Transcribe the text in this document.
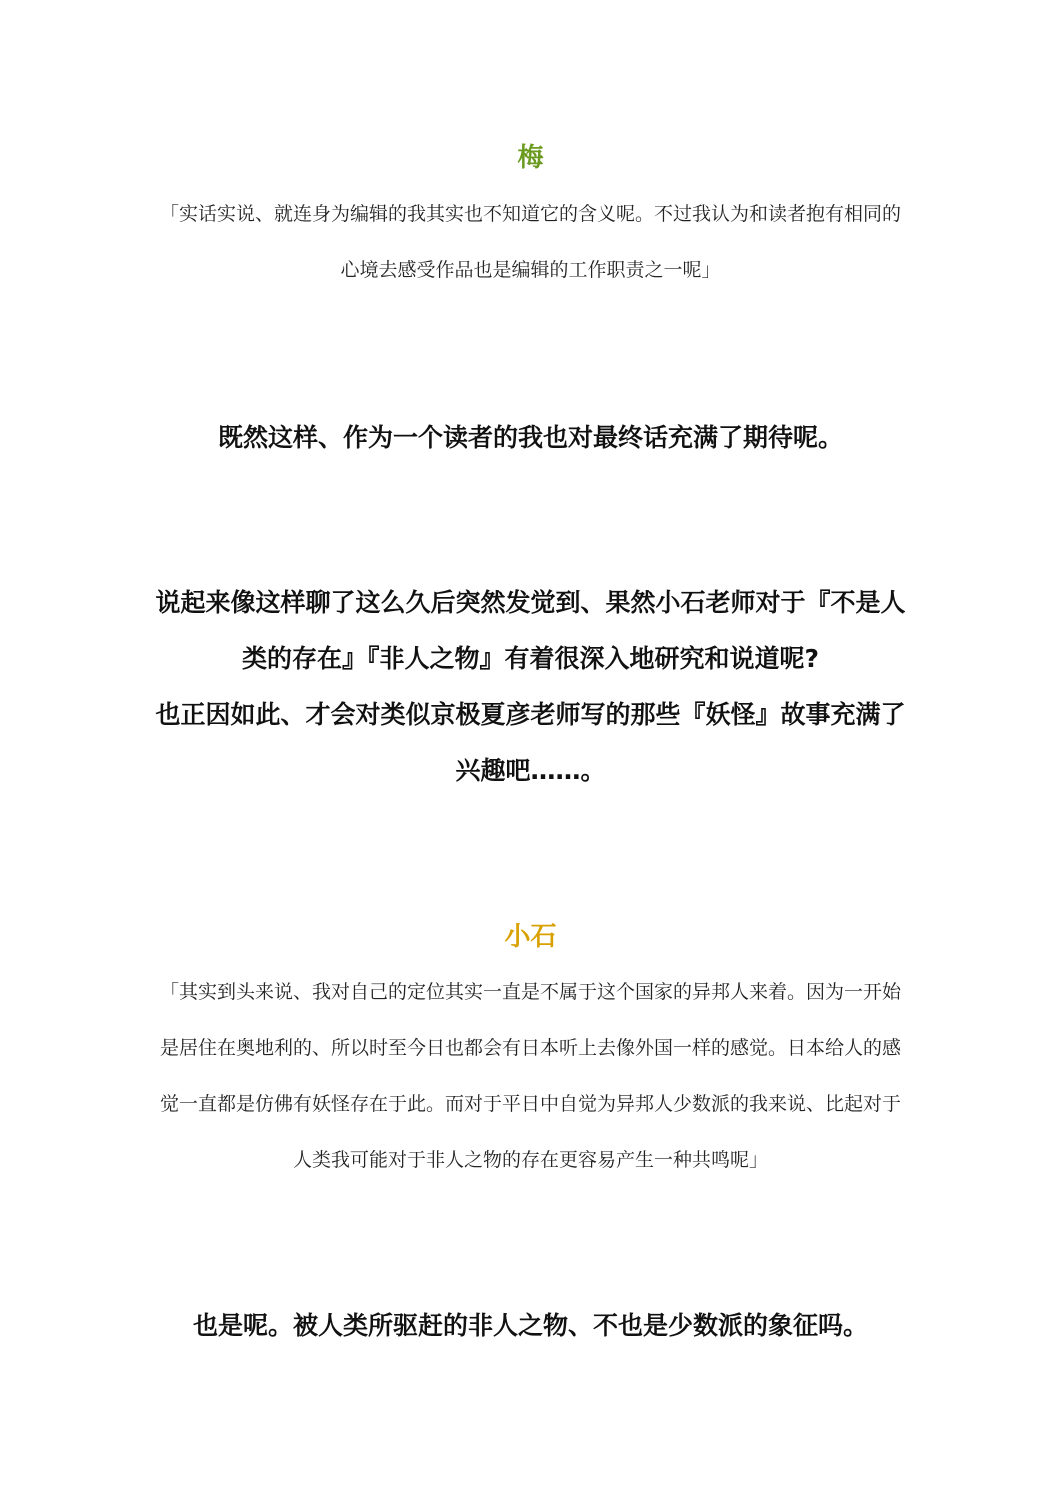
梅
「实话实说、就连身为编辑的我其实也不知道它的含义呢。不过我认为和读者抱有相同的心境去感受作品也是编辑的工作职责之一呢」
既然这样、作为一个读者的我也对最终话充满了期待呢。
说起来像这样聊了这么久后突然发觉到、果然小石老师对于『不是人类的存在』『非人之物』有着很深入地研究和说道呢?
也正因如此、才会对类似京极夏彦老师写的那些『妖怪』故事充满了兴趣吧……。
小石
「其实到头来说、我对自己的定位其实一直是不属于这个国家的异邦人来着。因为一开始是居住在奥地利的、所以时至今日也都会有日本听上去像外国一样的感觉。日本给人的感觉一直都是仿佛有妖怪存在于此。而对于平日中自觉为异邦人少数派的我来说、比起对于人类我可能对于非人之物的存在更容易产生一种共鸣呢」
也是呢。被人类所驱赶的非人之物、不也是少数派的象征吗。
